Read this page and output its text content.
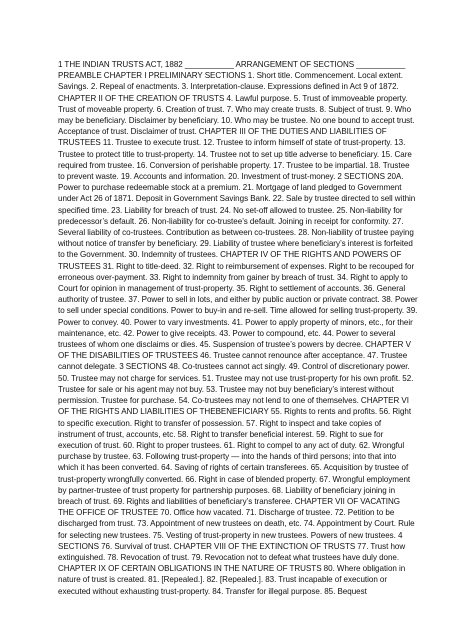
1 THE INDIAN TRUSTS ACT, 1882 ___________ ARRANGEMENT OF SECTIONS ___________ PREAMBLE CHAPTER I PRELIMINARY SECTIONS 1. Short title. Commencement. Local extent. Savings. 2. Repeal of enactments. 3. Interpretation-clause. Expressions defined in Act 9 of 1872. CHAPTER II OF THE CREATION OF TRUSTS 4. Lawful purpose. 5. Trust of immoveable property. Trust of moveable property. 6. Creation of trust. 7. Who may create trusts. 8. Subject of trust. 9. Who may be beneficiary. Disclaimer by beneficiary. 10. Who may be trustee. No one bound to accept trust. Acceptance of trust. Disclaimer of trust. CHAPTER III OF THE DUTIES AND LIABILITIES OF TRUSTEES 11. Trustee to execute trust. 12. Trustee to inform himself of state of trust-property. 13. Trustee to protect title to trust-property. 14. Trustee not to set up title adverse to beneficiary. 15. Care required from trustee. 16. Conversion of perishable property. 17. Trustee to be impartial. 18. Trustee to prevent waste. 19. Accounts and information. 20. Investment of trust-money. 2 SECTIONS 20A. Power to purchase redeemable stock at a premium. 21. Mortgage of land pledged to Government under Act 26 of 1871. Deposit in Government Savings Bank. 22. Sale by trustee directed to sell within specified time. 23. Liability for breach of trust. 24. No set-off allowed to trustee. 25. Non-liability for predecessor’s default. 26. Non-liability for co-trustee’s default. Joining in receipt for conformity. 27. Several liability of co-trustees. Contribution as between co-trustees. 28. Non-liability of trustee paying without notice of transfer by beneficiary. 29. Liability of trustee where beneficiary’s interest is forfeited to the Government. 30. Indemnity of trustees. CHAPTER IV OF THE RIGHTS AND POWERS OF TRUSTEES 31. Right to title-deed. 32. Right to reimbursement of expenses. Right to be recouped for erroneous over-payment. 33. Right to indemnity from gainer by breach of trust. 34. Right to apply to Court for opinion in management of trust-property. 35. Right to settlement of accounts. 36. General authority of trustee. 37. Power to sell in lots, and either by public auction or private contract. 38. Power to sell under special conditions. Power to buy-in and re-sell. Time allowed for selling trust-property. 39. Power to convey. 40. Power to vary investments. 41. Power to apply property of minors, etc., for their maintenance, etc. 42. Power to give receipts. 43. Power to compound, etc. 44. Power to several trustees of whom one disclaims or dies. 45. Suspension of trustee’s powers by decree. CHAPTER V OF THE DISABILITIES OF TRUSTEES 46. Trustee cannot renounce after acceptance. 47. Trustee cannot delegate. 3 SECTIONS 48. Co-trustees cannot act singly. 49. Control of discretionary power. 50. Trustee may not charge for services. 51. Trustee may not use trust-property for his own profit. 52. Trustee for sale or his agent may not buy. 53. Trustee may not buy beneficiary’s interest without permission. Trustee for purchase. 54. Co-trustees may not lend to one of themselves. CHAPTER VI OF THE RIGHTS AND LIABILITIES OF THEBENEFICIARY 55. Rights to rents and profits. 56. Right to specific execution. Right to transfer of possession. 57. Right to inspect and take copies of instrument of trust, accounts, etc. 58. Right to transfer beneficial interest. 59. Right to sue for execution of trust. 60. Right to proper trustees. 61. Right to compel to any act of duty. 62. Wrongful purchase by trustee. 63. Following trust-property — into the hands of third persons; into that into which it has been converted. 64. Saving of rights of certain transferees. 65. Acquisition by trustee of trust-property wrongfully converted. 66. Right in case of blended property. 67. Wrongful employment by partner-trustee of trust property for partnership purposes. 68. Liability of beneficiary joining in breach of trust. 69. Rights and liabilities of beneficiary’s transferee. CHAPTER VII OF VACATING THE OFFICE OF TRUSTEE 70. Office how vacated. 71. Discharge of trustee. 72. Petition to be discharged from trust. 73. Appointment of new trustees on death, etc. 74. Appointment by Court. Rule for selecting new trustees. 75. Vesting of trust-property in new trustees. Powers of new trustees. 4 SECTIONS 76. Survival of trust. CHAPTER VIII OF THE EXTINCTION OF TRUSTS 77. Trust how extinguished. 78. Revocation of trust. 79. Revocation not to defeat what trustees have duly done. CHAPTER IX OF CERTAIN OBLIGATIONS IN THE NATURE OF TRUSTS 80. Where obligation in nature of trust is created. 81. [Repealed.]. 82. [Repealed.]. 83. Trust incapable of execution or executed without exhausting trust-property. 84. Transfer for illegal purpose. 85. Bequest
